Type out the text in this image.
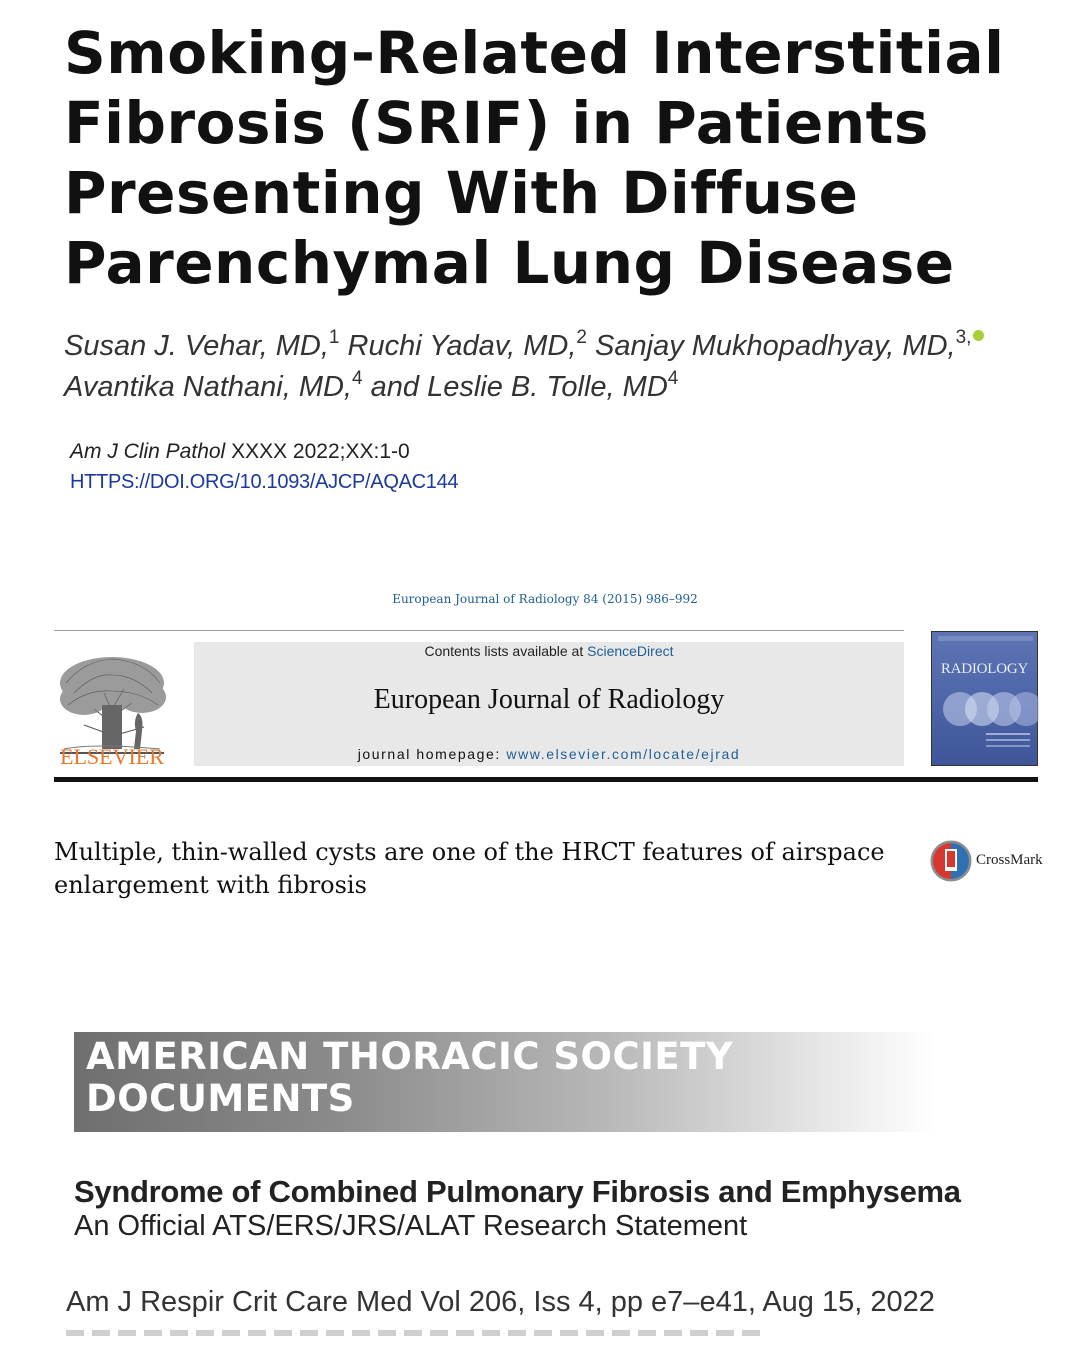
Smoking-Related Interstitial
Fibrosis (SRIF) in Patients
Presenting With Diffuse
Parenchymal Lung Disease
Susan J. Vehar, MD,$^1$ Ruchi Yadav, MD,$^2$ Sanjay Mukhopadhyay, MD,$^{3,}$
Avantika Nathani, MD,$^4$ and Leslie B. Tolle, $MD^4$
Am J Clin Pathol XXXX 2022;XX:1-0
HTTPS://DOI.ORG/10.1093/AJCP/AQAC144
European Journal of Radiology 84 (2015) 986–992
ELSEVIER
Contents lists available at ScienceDirect
European Journal of Radiology
journal homepage: www.elsevier.com/locate/ejrad
RADIOLOGY
Multiple, thin-walled cysts are one of the HRCT features of airspace enlargement with fibrosis
CrossMark
AMERICAN THORACIC SOCIETY
DOCUMENTS
Syndrome of Combined Pulmonary Fibrosis and Emphysema
An Official ATS/ERS/JRS/ALAT Research Statement
Am J Respir Crit Care Med Vol 206, Iss 4, pp e7–e41, Aug 15, 2022
